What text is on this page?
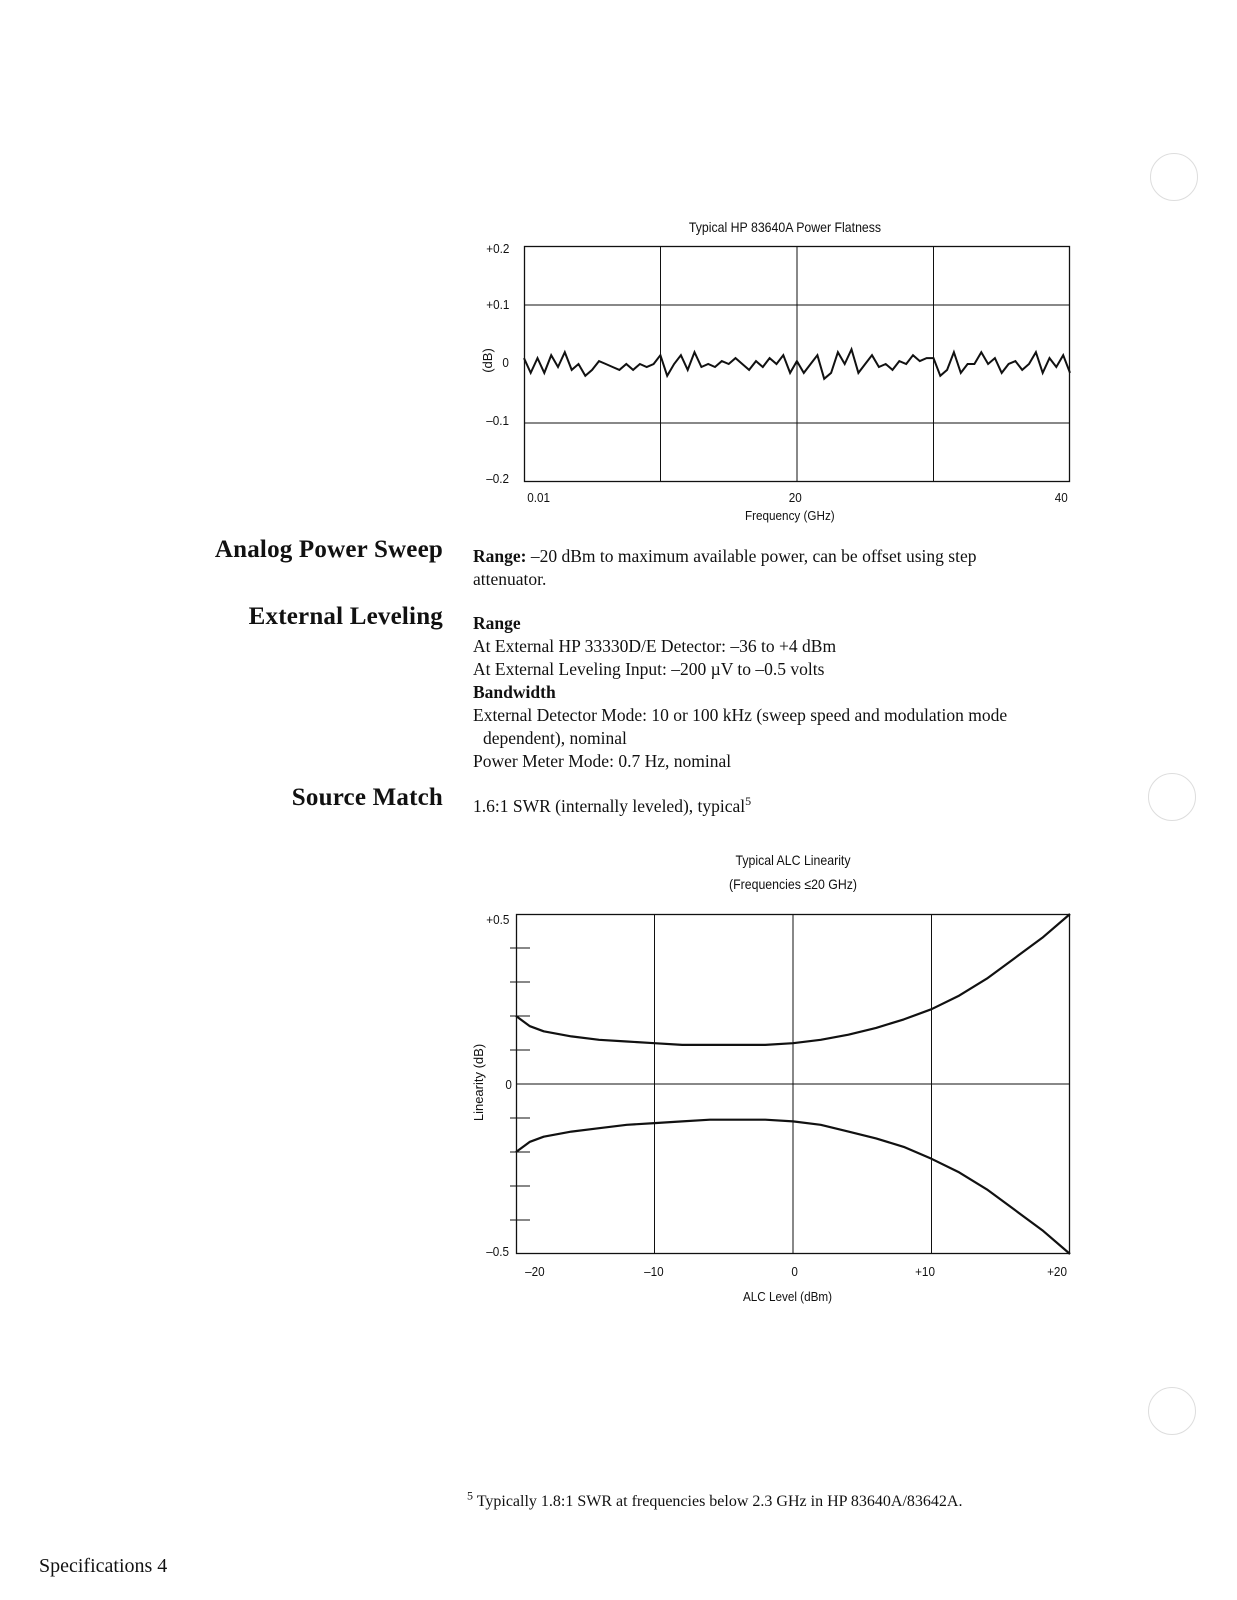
Typical HP 83640A Power Flatness
+0.2
+0.1
0
–0.1
–0.2
(dB)
0.01	20	40
Frequency (GHz)
Analog Power Sweep Range: –20 dBm to maximum available power, can be offset using step
attenuator.
External Leveling Range
At External HP 33330D/E Detector: –36 to +4 dBm
At External Leveling Input: –200 µV to –0.5 volts
Bandwidth
External Detector Mode: 10 or 100 kHz (sweep speed and modulation mode
dependent), nominal
Power Meter Mode: 0.7 Hz, nominal
Source Match 1.6:1 SWR (internally leveled), typical$^5$
Typical ALC Linearity
(Frequencies ≤20 GHz)
+0.5
0
–0.5
Linearity (dB)
–20	–10	0	+10	+20
ALC Level (dBm)
$^5$ Typically 1.8:1 SWR at frequencies below 2.3 GHz in HP 83640A/83642A.
Specifications 4
